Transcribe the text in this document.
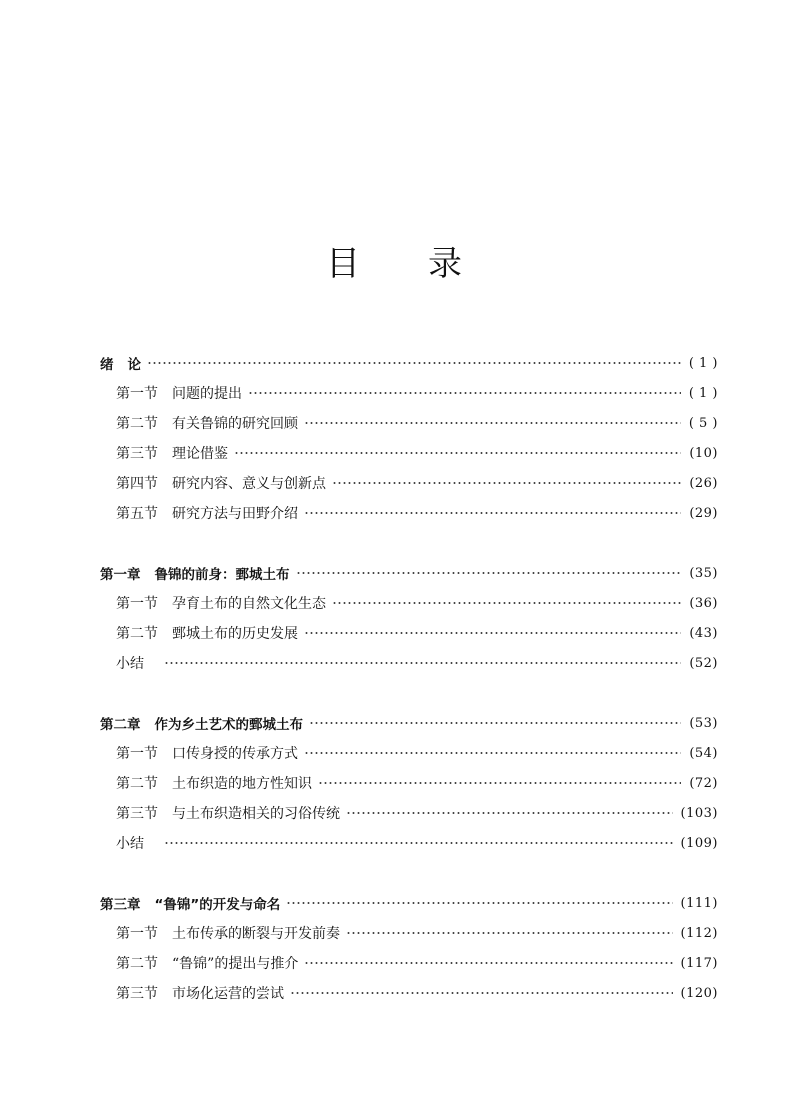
目 录
绪 论	( 1 )
第一节 问题的提出	( 1 )
第二节 有关鲁锦的研究回顾	( 5 )
第三节 理论借鉴	(10)
第四节 研究内容、意义与创新点	(26)
第五节 研究方法与田野介绍	(29)
第一章 鲁锦的前身：鄄城土布	(35)
第一节 孕育土布的自然文化生态	(36)
第二节 鄄城土布的历史发展	(43)
小结	(52)
第二章 作为乡土艺术的鄄城土布	(53)
第一节 口传身授的传承方式	(54)
第二节 土布织造的地方性知识	(72)
第三节 与土布织造相关的习俗传统	(103)
小结	(109)
第三章 “鲁锦”的开发与命名	(111)
第一节 土布传承的断裂与开发前奏	(112)
第二节 “鲁锦”的提出与推介	(117)
第三节 市场化运营的尝试	(120)
